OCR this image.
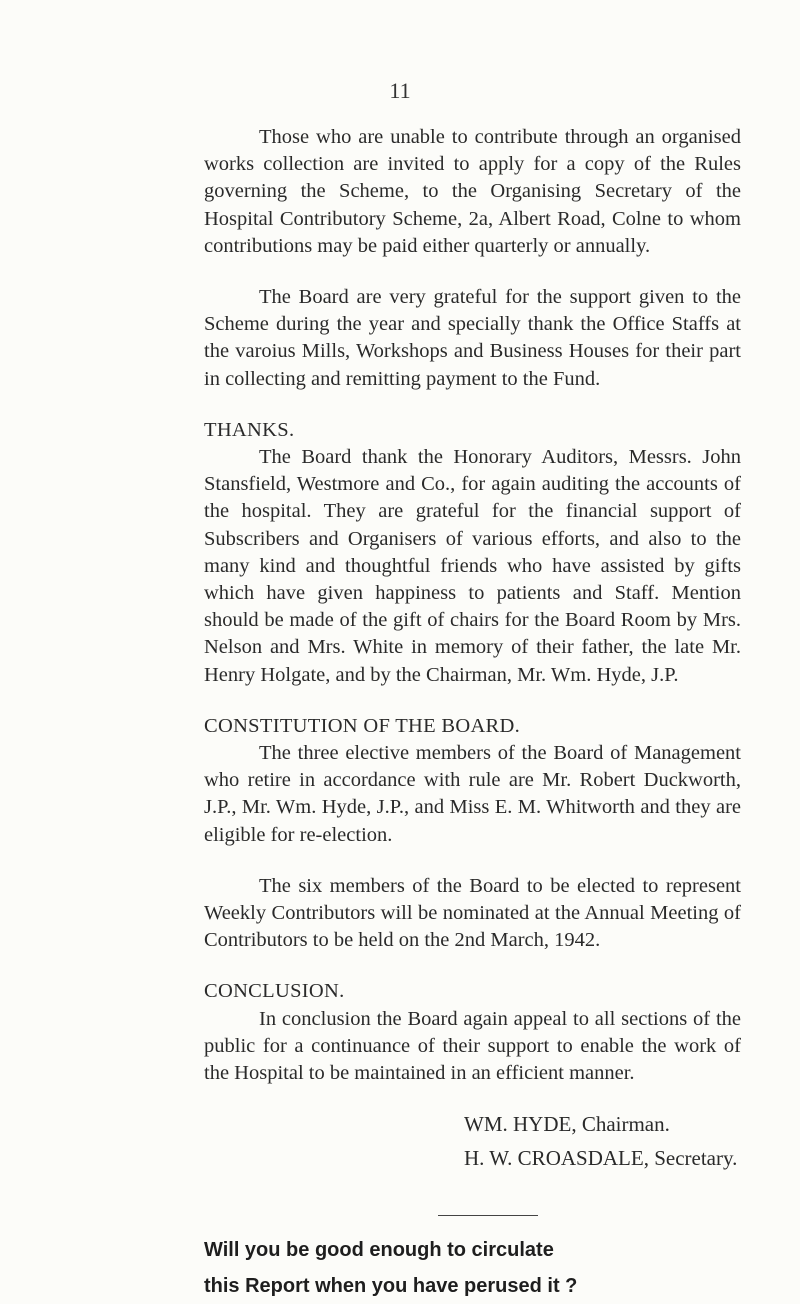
11

Those who are unable to contribute through an organised works collection are invited to apply for a copy of the Rules governing the Scheme, to the Organising Secretary of the Hospital Contributory Scheme, 2a, Albert Road, Colne to whom contributions may be paid either quarterly or annually.

The Board are very grateful for the support given to the Scheme during the year and specially thank the Office Staffs at the varoius Mills, Workshops and Business Houses for their part in collecting and remitting payment to the Fund.

THANKS.

The Board thank the Honorary Auditors, Messrs. John Stansfield, Westmore and Co., for again auditing the accounts of the hospital. They are grateful for the financial support of Subscribers and Organisers of various efforts, and also to the many kind and thoughtful friends who have assisted by gifts which have given happiness to patients and Staff. Mention should be made of the gift of chairs for the Board Room by Mrs. Nelson and Mrs. White in memory of their father, the late Mr. Henry Holgate, and by the Chairman, Mr. Wm. Hyde, J.P.

CONSTITUTION OF THE BOARD.

The three elective members of the Board of Management who retire in accordance with rule are Mr. Robert Duckworth, J.P., Mr. Wm. Hyde, J.P., and Miss E. M. Whitworth and they are eligible for re-election.

The six members of the Board to be elected to represent Weekly Contributors will be nominated at the Annual Meeting of Contributors to be held on the 2nd March, 1942.

CONCLUSION.

In conclusion the Board again appeal to all sections of the public for a continuance of their support to enable the work of the Hospital to be maintained in an efficient manner.

WM. HYDE, Chairman.
H. W. CROASDALE, Secretary.
Will you be good enough to circulate
this Report when you have perused it ?
